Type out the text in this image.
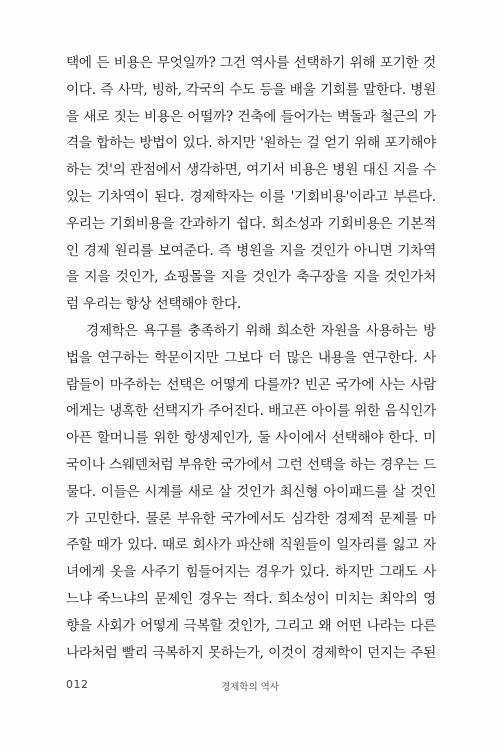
택에 든 비용은 무엇일까? 그건 역사를 선택하기 위해 포기한 것
이다. 즉 사막, 빙하, 각국의 수도 등을 배울 기회를 말한다. 병원
을 새로 짓는 비용은 어떨까? 건축에 들어가는 벽돌과 철근의 가
격을 합하는 방법이 있다. 하지만 '원하는 걸 얻기 위해 포기해야
하는 것'의 관점에서 생각하면, 여기서 비용은 병원 대신 지을 수
있는 기차역이 된다. 경제학자는 이를 '기회비용'이라고 부른다.
우리는 기회비용을 간과하기 쉽다. 희소성과 기회비용은 기본적
인 경제 원리를 보여준다. 즉 병원을 지을 것인가 아니면 기차역
을 지을 것인가, 쇼핑몰을 지을 것인가 축구장을 지을 것인가처
럼 우리는 항상 선택해야 한다.
경제학은 욕구를 충족하기 위해 희소한 자원을 사용하는 방
법을 연구하는 학문이지만 그보다 더 많은 내용을 연구한다. 사
람들이 마주하는 선택은 어떻게 다를까? 빈곤 국가에 사는 사람
에게는 냉혹한 선택지가 주어진다. 배고픈 아이를 위한 음식인가
아픈 할머니를 위한 항생제인가, 둘 사이에서 선택해야 한다. 미
국이나 스웨덴처럼 부유한 국가에서 그런 선택을 하는 경우는 드
물다. 이들은 시계를 새로 살 것인가 최신형 아이패드를 살 것인
가 고민한다. 물론 부유한 국가에서도 심각한 경제적 문제를 마
주할 때가 있다. 때로 회사가 파산해 직원들이 일자리를 잃고 자
녀에게 옷을 사주기 힘들어지는 경우가 있다. 하지만 그래도 사
느냐 죽느냐의 문제인 경우는 적다. 희소성이 미치는 최악의 영
향을 사회가 어떻게 극복할 것인가, 그리고 왜 어떤 나라는 다른
나라처럼 빨리 극복하지 못하는가, 이것이 경제학이 던지는 주된
012	경제학의 역사
